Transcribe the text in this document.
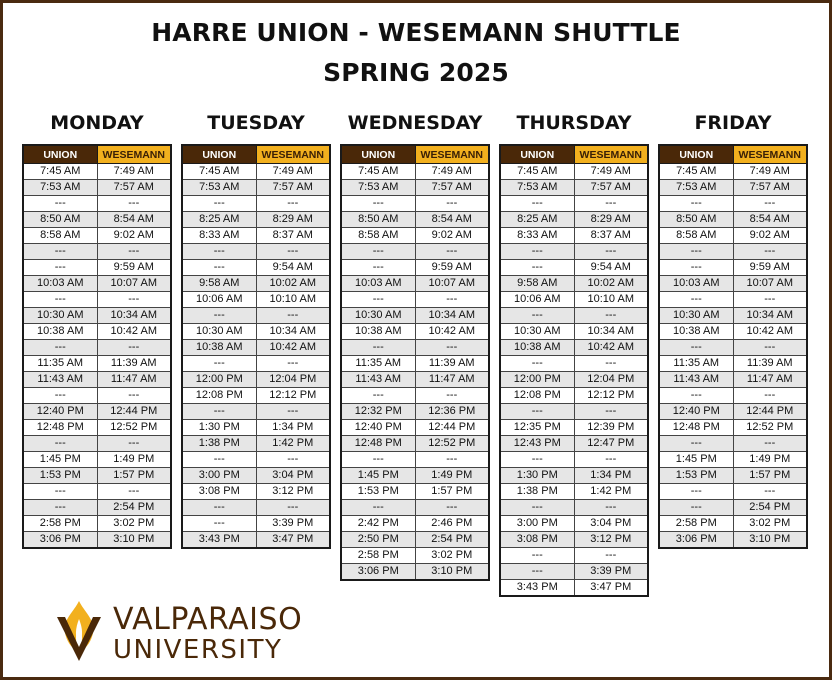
HARRE UNION - WESEMANN SHUTTLE
SPRING 2025
MONDAY
UNION	WESEMANN
7:45 AM	7:49 AM
7:53 AM	7:57 AM
---	---
8:50 AM	8:54 AM
8:58 AM	9:02 AM
---	---
---	9:59 AM
10:03 AM	10:07 AM
---	---
10:30 AM	10:34 AM
10:38 AM	10:42 AM
---	---
11:35 AM	11:39 AM
11:43 AM	11:47 AM
---	---
12:40 PM	12:44 PM
12:48 PM	12:52 PM
---	---
1:45 PM	1:49 PM
1:53 PM	1:57 PM
---	---
---	2:54 PM
2:58 PM	3:02 PM
3:06 PM	3:10 PM
TUESDAY
UNION	WESEMANN
7:45 AM	7:49 AM
7:53 AM	7:57 AM
---	---
8:25 AM	8:29 AM
8:33 AM	8:37 AM
---	---
---	9:54 AM
9:58 AM	10:02 AM
10:06 AM	10:10 AM
---	---
10:30 AM	10:34 AM
10:38 AM	10:42 AM
---	---
12:00 PM	12:04 PM
12:08 PM	12:12 PM
---	---
1:30 PM	1:34 PM
1:38 PM	1:42 PM
---	---
3:00 PM	3:04 PM
3:08 PM	3:12 PM
---	---
---	3:39 PM
3:43 PM	3:47 PM
WEDNESDAY
UNION	WESEMANN
7:45 AM	7:49 AM
7:53 AM	7:57 AM
---	---
8:50 AM	8:54 AM
8:58 AM	9:02 AM
---	---
---	9:59 AM
10:03 AM	10:07 AM
---	---
10:30 AM	10:34 AM
10:38 AM	10:42 AM
---	---
11:35 AM	11:39 AM
11:43 AM	11:47 AM
---	---
12:32 PM	12:36 PM
12:40 PM	12:44 PM
12:48 PM	12:52 PM
---	---
1:45 PM	1:49 PM
1:53 PM	1:57 PM
---	---
2:42 PM	2:46 PM
2:50 PM	2:54 PM
2:58 PM	3:02 PM
3:06 PM	3:10 PM
THURSDAY
UNION	WESEMANN
7:45 AM	7:49 AM
7:53 AM	7:57 AM
---	---
8:25 AM	8:29 AM
8:33 AM	8:37 AM
---	---
---	9:54 AM
9:58 AM	10:02 AM
10:06 AM	10:10 AM
---	---
10:30 AM	10:34 AM
10:38 AM	10:42 AM
---	---
12:00 PM	12:04 PM
12:08 PM	12:12 PM
---	---
12:35 PM	12:39 PM
12:43 PM	12:47 PM
---	---
1:30 PM	1:34 PM
1:38 PM	1:42 PM
---	---
3:00 PM	3:04 PM
3:08 PM	3:12 PM
---	---
---	3:39 PM
3:43 PM	3:47 PM
FRIDAY
UNION	WESEMANN
7:45 AM	7:49 AM
7:53 AM	7:57 AM
---	---
8:50 AM	8:54 AM
8:58 AM	9:02 AM
---	---
---	9:59 AM
10:03 AM	10:07 AM
---	---
10:30 AM	10:34 AM
10:38 AM	10:42 AM
---	---
11:35 AM	11:39 AM
11:43 AM	11:47 AM
---	---
12:40 PM	12:44 PM
12:48 PM	12:52 PM
---	---
1:45 PM	1:49 PM
1:53 PM	1:57 PM
---	---
---	2:54 PM
2:58 PM	3:02 PM
3:06 PM	3:10 PM
VALPARAISO
UNIVERSITY
